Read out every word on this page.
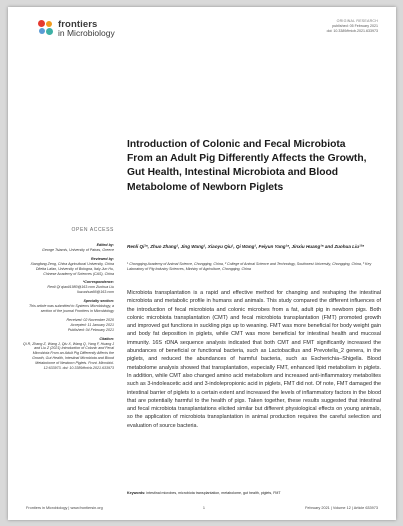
frontiers
in Microbiology
ORIGINAL RESEARCH
published: 05 February 2021
doi: 10.3389/fmicb.2021.633973
Introduction of Colonic and Fecal Microbiota From an Adult Pig Differently Affects the Growth, Gut Health, Intestinal Microbiota and Blood Metabolome of Newborn Piglets
Renli Qi¹*, Zhuo Zhang¹, Jing Wang¹, Xiaoyu Qiu¹, Qi Wang¹, Feiyun Yang¹*, Jinxiu Huang¹* and Zuohua Liu¹²*
¹ Chongqing Academy of Animal Science, Chongqing, China, ² College of Animal Science and Technology, Southwest University, Chongqing, China, ³ Key Laboratory of Pig Industry Sciences, Ministry of Agriculture, Chongqing, China
OPEN ACCESS

Edited by:

George Tsiamis, University of Patras, Greece

Reviewed by:

Xiangfang Zeng, China Agricultural University, China Diletta Lafan, University of Bologna, Italy Jun Hu, Chinese Academy of Sciences (CAS), China

*Correspondence:

Renli Qi qiaoli1980@163.com Zuohua Liu liuzuohua66@163.com

Specialty section:

This article was submitted to Systems Microbiology, a section of the journal Frontiers in Microbiology

Received: 02 November 2020

Accepted: 11 January 2021

Published: 04 February 2021

Citation:

Qi R, Zhang Z, Wang J, Qiu X, Wang Q, Yang F, Huang J and Liu Z (2021) Introduction of Colonic and Fecal Microbiota From an Adult Pig Differently Affects the Growth, Gut Health, Intestinal Microbiota and Blood Metabolome of Newborn Piglets. Front. Microbiol. 12:633973. doi: 10.3389/fmicb.2021.633973

Microbiota transplantation is a rapid and effective method for changing and reshaping the intestinal microbiota and metabolic profile in humans and animals. This study compared the different influences of the introduction of fecal microbiota and colonic microbes from a fat, adult pig in newborn pigs. Both colonic microbiota transplantation (CMT) and fecal microbiota transplantation (FMT) promoted growth and improved gut functions in suckling pigs up to weaning. FMT was more beneficial for body weight gain and body fat deposition in piglets, while CMT was more beneficial for intestinal health and mucosal immunity. 16S rDNA sequence analysis indicated that both CMT and FMT significantly increased the abundances of beneficial or functional bacteria, such as Lactobacillus and Prevotella_2 genera, in the piglets, and reduced the abundances of harmful bacteria, such as Escherichia–Shigella. Blood metabolome analysis showed that transplantation, especially FMT, enhanced lipid metabolism in piglets. In addition, while CMT also changed amino acid metabolism and increased anti-inflammatory metabolites such as 3-indoleacetic acid and 3-indolepropionic acid in piglets, FMT did not. Of note, FMT damaged the intestinal barrier of piglets to a certain extent and increased the levels of inflammatory factors in the blood that are potentially harmful to the health of pigs. Taken together, these results suggested that intestinal and fecal microbiota transplantations elicited similar but different physiological effects on young animals, so the application of microbiota transplantation in animal production requires the careful selection and evaluation of source bacteria.

Keywords: intestinal microbes, microbiota transplantation, metabolome, gut health, piglets, FMT
Frontiers in Microbiology | www.frontiersin.org	1	February 2021 | Volume 12 | Article 633973
